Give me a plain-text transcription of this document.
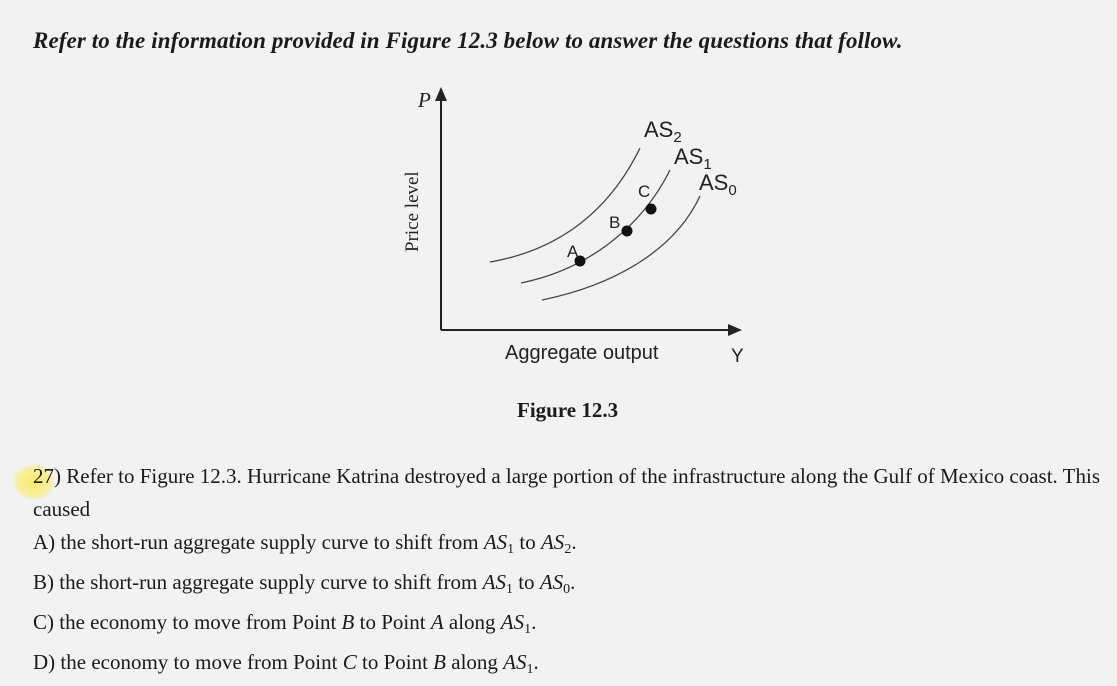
Refer to the information provided in Figure 12.3 below to answer the questions that follow.
A
B
C
$AS_2$
$AS_1$
$AS_0$
Aggregate output	Y
P
Price level
Figure 12.3
27) Refer to Figure 12.3. Hurricane Katrina destroyed a large portion of the infrastructure along the Gulf of Mexico coast. This caused
A) the short-run aggregate supply curve to shift from $AS_1$ to $AS_2$.
B) the short-run aggregate supply curve to shift from $AS_1$ to $AS_0$.
C) the economy to move from Point B to Point A along $AS_1$.
D) the economy to move from Point C to Point B along $AS_1$.
